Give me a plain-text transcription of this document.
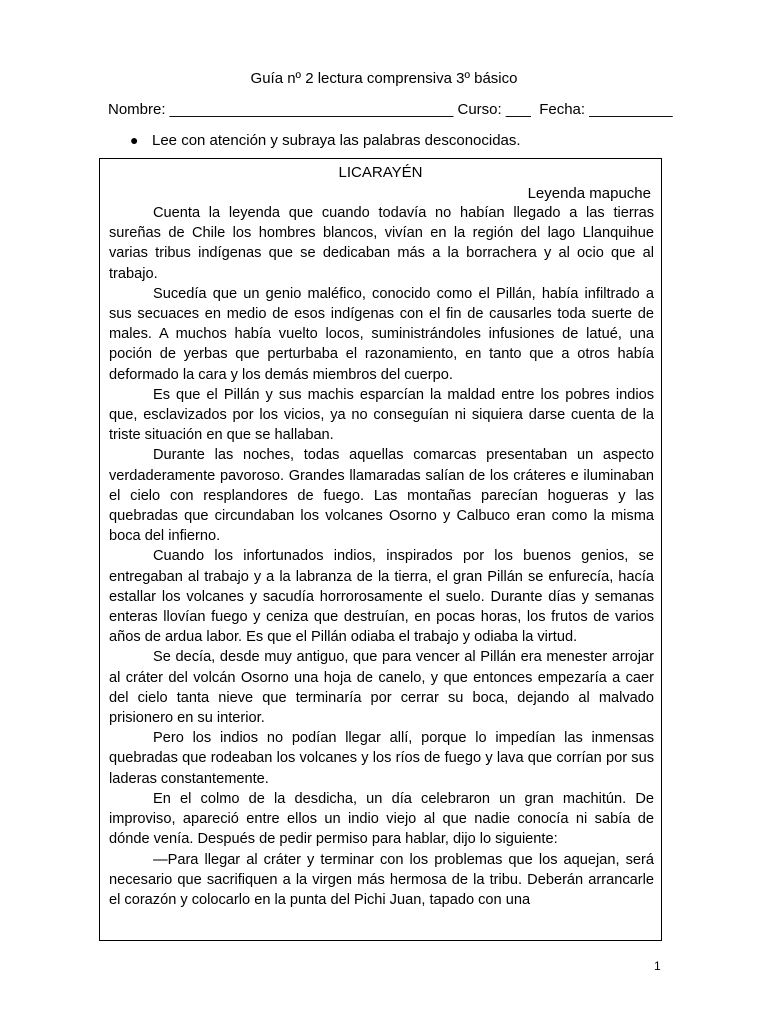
Guía nº 2 lectura comprensiva 3º básico
Nombre: __________________________________ Curso: ___  Fecha: __________
● Lee con atención y subraya las palabras desconocidas.
LICARAYÉN
Leyenda mapuche

Cuenta la leyenda que cuando todavía no habían llegado a las tierras sureñas de Chile los hombres blancos, vivían en la región del lago Llanquihue varias tribus indígenas que se dedicaban más a la borrachera y al ocio que al trabajo.

Sucedía que un genio maléfico, conocido como el Pillán, había infiltrado a sus secuaces en medio de esos indígenas con el fin de causarles toda suerte de males. A muchos había vuelto locos, suministrándoles infusiones de latué, una poción de yerbas que perturbaba el razonamiento, en tanto que a otros había deformado la cara y los demás miembros del cuerpo.

Es que el Pillán y sus machis esparcían la maldad entre los pobres indios que, esclavizados por los vicios, ya no conseguían ni siquiera darse cuenta de la triste situación en que se hallaban.

Durante las noches, todas aquellas comarcas presentaban un aspecto verdaderamente pavoroso. Grandes llamaradas salían de los cráteres e iluminaban el cielo con resplandores de fuego. Las montañas parecían hogueras y las quebradas que circundaban los volcanes Osorno y Calbuco eran como la misma boca del infierno.

Cuando los infortunados indios, inspirados por los buenos genios, se entregaban al trabajo y a la labranza de la tierra, el gran Pillán se enfurecía, hacía estallar los volcanes y sacudía horrorosamente el suelo. Durante días y semanas enteras llovían fuego y ceniza que destruían, en pocas horas, los frutos de varios años de ardua labor. Es que el Pillán odiaba el trabajo y odiaba la virtud.

Se decía, desde muy antiguo, que para vencer al Pillán era menester arrojar al cráter del volcán Osorno una hoja de canelo, y que entonces empezaría a caer del cielo tanta nieve que terminaría por cerrar su boca, dejando al malvado prisionero en su interior.

Pero los indios no podían llegar allí, porque lo impedían las inmensas quebradas que rodeaban los volcanes y los ríos de fuego y lava que corrían por sus laderas constantemente.

En el colmo de la desdicha, un día celebraron un gran machitún. De improviso, apareció entre ellos un indio viejo al que nadie conocía ni sabía de dónde venía. Después de pedir permiso para hablar, dijo lo siguiente:

—Para llegar al cráter y terminar con los problemas que los aquejan, será necesario que sacrifiquen a la virgen más hermosa de la tribu. Deberán arrancarle el corazón y colocarlo en la punta del Pichi Juan, tapado con una

1
